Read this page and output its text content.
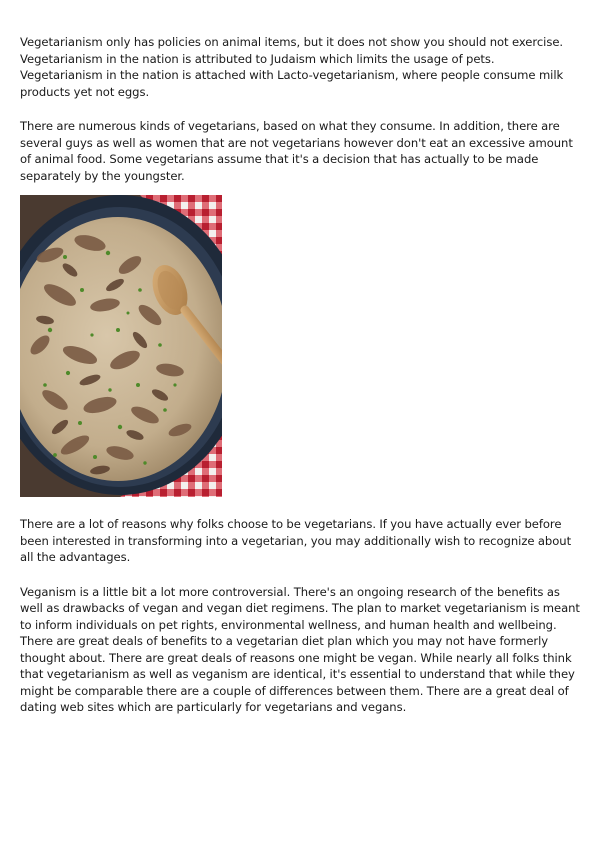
Vegetarianism only has policies on animal items, but it does not show you should not exercise. Vegetarianism in the nation is attributed to Judaism which limits the usage of pets. Vegetarianism in the nation is attached with Lacto-vegetarianism, where people consume milk products yet not eggs.

There are numerous kinds of vegetarians, based on what they consume. In addition, there are several guys as well as women that are not vegetarians however don't eat an excessive amount of animal food. Some vegetarians assume that it's a decision that has actually to be made separately by the youngster.

There are a lot of reasons why folks choose to be vegetarians. If you have actually ever before been interested in transforming into a vegetarian, you may additionally wish to recognize about all the advantages.

Veganism is a little bit a lot more controversial. There's an ongoing research of the benefits as well as drawbacks of vegan and vegan diet regimens. The plan to market vegetarianism is meant to inform individuals on pet rights, environmental wellness, and human health and wellbeing. There are great deals of benefits to a vegetarian diet plan which you may not have formerly thought about. There are great deals of reasons one might be vegan. While nearly all folks think that vegetarianism as well as veganism are identical, it's essential to understand that while they might be comparable there are a couple of differences between them. There are a great deal of dating web sites which are particularly for vegetarians and vegans.
